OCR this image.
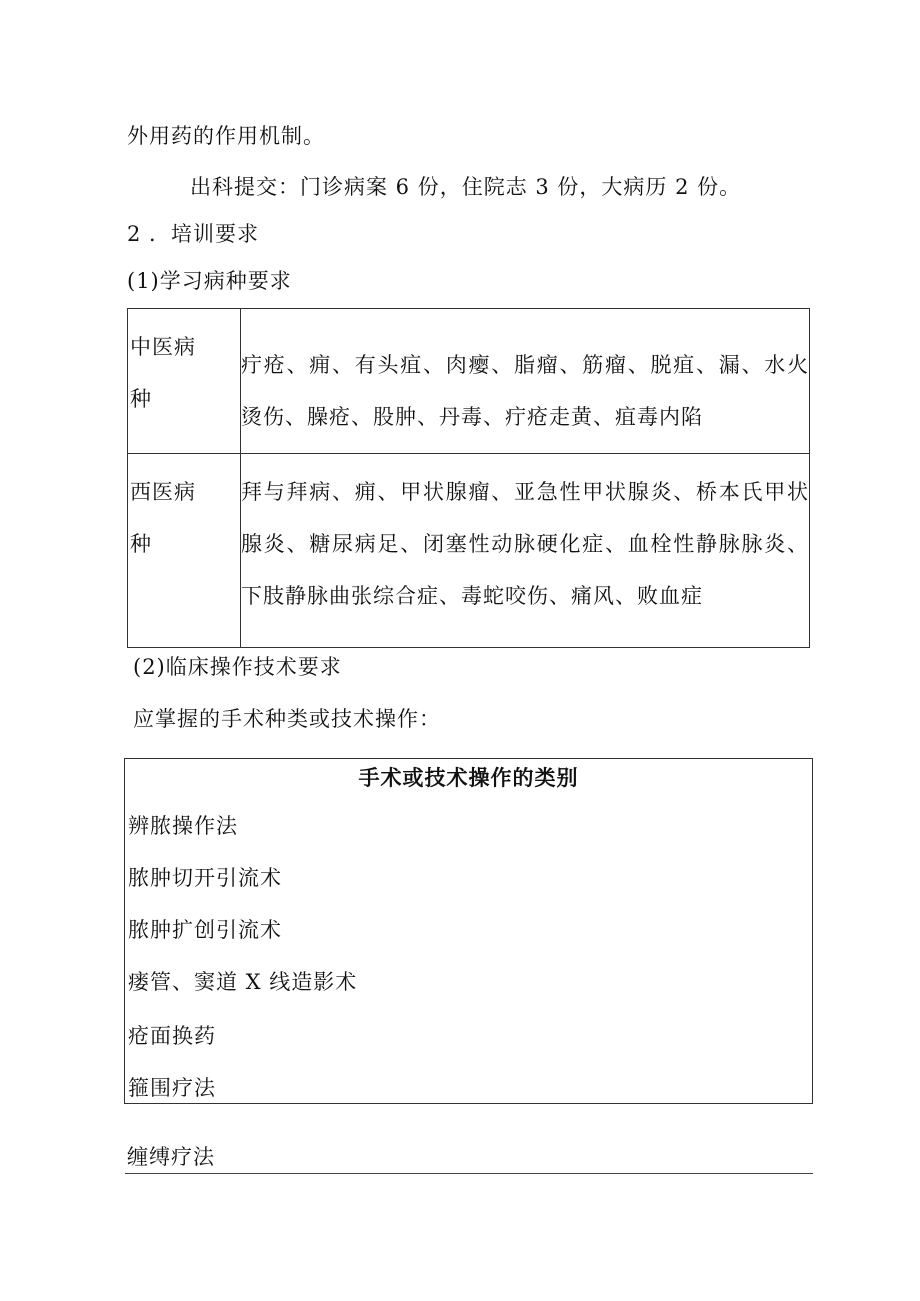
外用药的作用机制。
出科提交：门诊病案 6 份，住院志 3 份，大病历 2 份。
2 ．培训要求
(1)学习病种要求
中医病种
疔疮、痈、有头疽、肉瘿、脂瘤、筋瘤、脱疽、漏、水火烫伤、臊疮、股肿、丹毒、疔疮走黄、疽毒内陷
西医病种
拜与拜病、痈、甲状腺瘤、亚急性甲状腺炎、桥本氏甲状腺炎、糖尿病足、闭塞性动脉硬化症、血栓性静脉脉炎、下肢静脉曲张综合症、毒蛇咬伤、痛风、败血症
(2)临床操作技术要求
应掌握的手术种类或技术操作：
手术或技术操作的类别
辨脓操作法
脓肿切开引流术
脓肿扩创引流术
瘘管、窦道 X 线造影术
疮面换药
箍围疗法
缠缚疗法
